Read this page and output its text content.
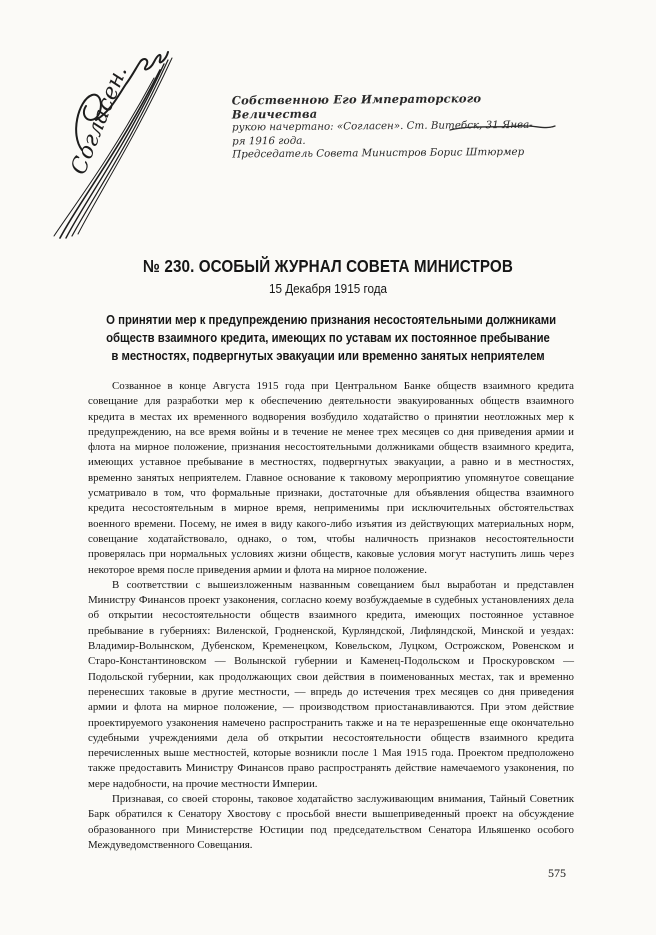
Согласен.	Собственною Его Императорского Величества

рукою начертано: «Согласен». Ст. Витебск, 31 Янва-

ря 1916 года.

Председатель Совета Министров Борис Штюрмер

№ 230. ОСОБЫЙ ЖУРНАЛ СОВЕТА МИНИСТРОВ
15 Декабря 1915 года
О принятии мер к предупреждению признания несостоятельными должниками
обществ взаимного кредита, имеющих по уставам их постоянное пребывание
в местностях, подвергнутых эвакуации или временно занятых неприятелем

Созванное в конце Августа 1915 года при Центральном Банке обществ взаимного кредита совещание для разработки мер к обеспечению деятельности эвакуированных обществ взаимного кредита в местах их временного водворения возбудило ходатайство о принятии неотложных мер к предупреждению, на все время войны и в течение не менее трех месяцев со дня приведения армии и флота на мирное положение, признания несостоятельными должниками обществ взаимного кредита, имеющих уставное пребывание в местностях, подвергнутых эвакуации, а равно и в местностях, временно занятых неприятелем. Главное основание к таковому мероприятию упомянутое совещание усматривало в том, что формальные признаки, достаточные для объявления общества взаимного кредита несостоятельным в мирное время, неприменимы при исключительных обстоятельствах военного времени. Посему, не имея в виду какого-либо изъятия из действующих материальных норм, совещание ходатайствовало, однако, о том, чтобы наличность признаков несостоятельности проверялась при нормальных условиях жизни обществ, каковые условия могут наступить лишь через некоторое время после приведения армии и флота на мирное положение.

В соответствии с вышеизложенным названным совещанием был выработан и представлен Министру Финансов проект узаконения, согласно коему возбуждаемые в судебных установлениях дела об открытии несостоятельности обществ взаимного кредита, имеющих постоянное уставное пребывание в губерниях: Виленской, Гродненской, Курляндской, Лифляндской, Минской и уездах: Владимир-Волынском, Дубенском, Кременецком, Ковельском, Луцком, Острожском, Ровенском и Старо-Константиновском — Волынской губернии и Каменец-Подольском и Проскуровском — Подольской губернии, как продолжающих свои действия в поименованных местах, так и временно перенесших таковые в другие местности, — впредь до истечения трех месяцев со дня приведения армии и флота на мирное положение, — производством приостанавливаются. При этом действие проектируемого узаконения намечено распространить также и на те неразрешенные еще окончательно судебными учреждениями дела об открытии несостоятельности обществ взаимного кредита перечисленных выше местностей, которые возникли после 1 Мая 1915 года. Проектом предположено также предоставить Министру Финансов право распространять действие намечаемого узаконения, по мере надобности, на прочие местности Империи.

Признавая, со своей стороны, таковое ходатайство заслуживающим внимания, Тайный Советник Барк обратился к Сенатору Хвостову с просьбой внести вышеприведенный проект на обсуждение образованного при Министерстве Юстиции под председательством Сенатора Ильяшенко особого Междуведомственного Совещания.

575
